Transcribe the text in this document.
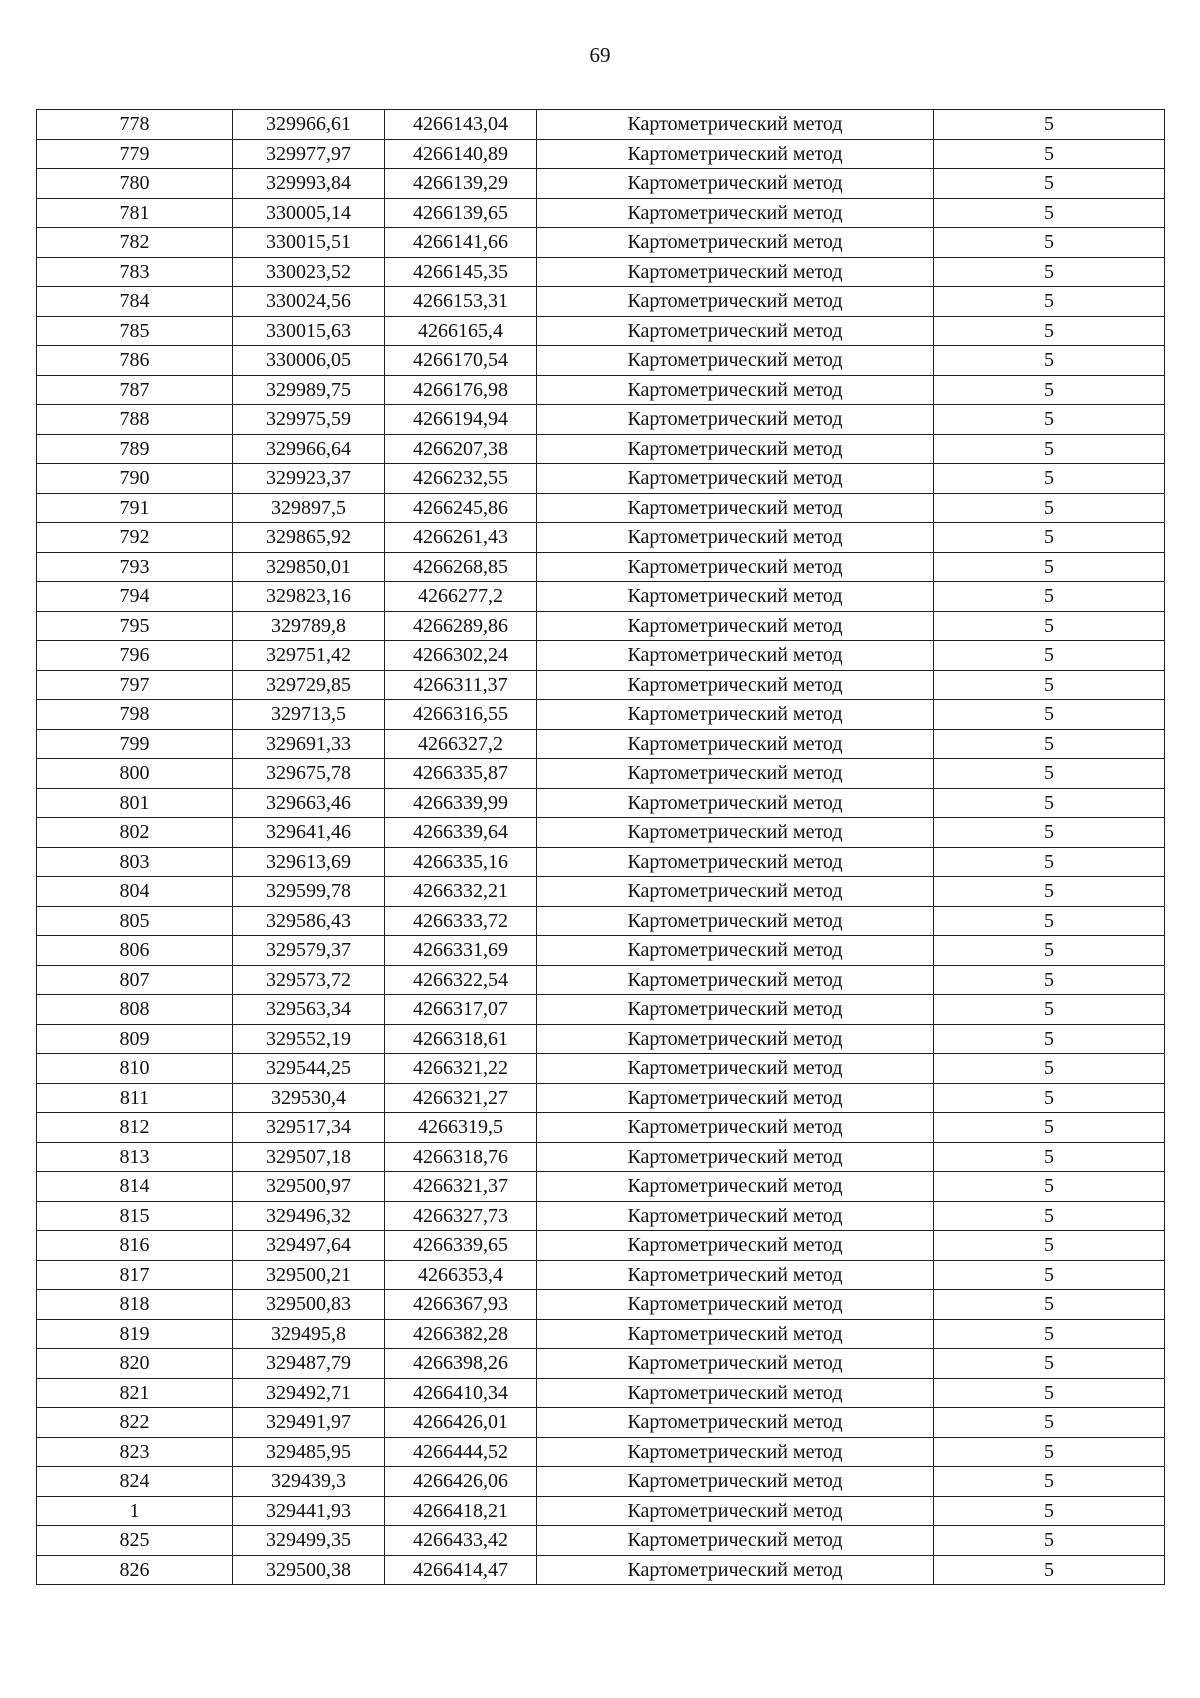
69
778	329966,61	4266143,04	Картометрический метод	5
779	329977,97	4266140,89	Картометрический метод	5
780	329993,84	4266139,29	Картометрический метод	5
781	330005,14	4266139,65	Картометрический метод	5
782	330015,51	4266141,66	Картометрический метод	5
783	330023,52	4266145,35	Картометрический метод	5
784	330024,56	4266153,31	Картометрический метод	5
785	330015,63	4266165,4	Картометрический метод	5
786	330006,05	4266170,54	Картометрический метод	5
787	329989,75	4266176,98	Картометрический метод	5
788	329975,59	4266194,94	Картометрический метод	5
789	329966,64	4266207,38	Картометрический метод	5
790	329923,37	4266232,55	Картометрический метод	5
791	329897,5	4266245,86	Картометрический метод	5
792	329865,92	4266261,43	Картометрический метод	5
793	329850,01	4266268,85	Картометрический метод	5
794	329823,16	4266277,2	Картометрический метод	5
795	329789,8	4266289,86	Картометрический метод	5
796	329751,42	4266302,24	Картометрический метод	5
797	329729,85	4266311,37	Картометрический метод	5
798	329713,5	4266316,55	Картометрический метод	5
799	329691,33	4266327,2	Картометрический метод	5
800	329675,78	4266335,87	Картометрический метод	5
801	329663,46	4266339,99	Картометрический метод	5
802	329641,46	4266339,64	Картометрический метод	5
803	329613,69	4266335,16	Картометрический метод	5
804	329599,78	4266332,21	Картометрический метод	5
805	329586,43	4266333,72	Картометрический метод	5
806	329579,37	4266331,69	Картометрический метод	5
807	329573,72	4266322,54	Картометрический метод	5
808	329563,34	4266317,07	Картометрический метод	5
809	329552,19	4266318,61	Картометрический метод	5
810	329544,25	4266321,22	Картометрический метод	5
811	329530,4	4266321,27	Картометрический метод	5
812	329517,34	4266319,5	Картометрический метод	5
813	329507,18	4266318,76	Картометрический метод	5
814	329500,97	4266321,37	Картометрический метод	5
815	329496,32	4266327,73	Картометрический метод	5
816	329497,64	4266339,65	Картометрический метод	5
817	329500,21	4266353,4	Картометрический метод	5
818	329500,83	4266367,93	Картометрический метод	5
819	329495,8	4266382,28	Картометрический метод	5
820	329487,79	4266398,26	Картометрический метод	5
821	329492,71	4266410,34	Картометрический метод	5
822	329491,97	4266426,01	Картометрический метод	5
823	329485,95	4266444,52	Картометрический метод	5
824	329439,3	4266426,06	Картометрический метод	5
1	329441,93	4266418,21	Картометрический метод	5
825	329499,35	4266433,42	Картометрический метод	5
826	329500,38	4266414,47	Картометрический метод	5
